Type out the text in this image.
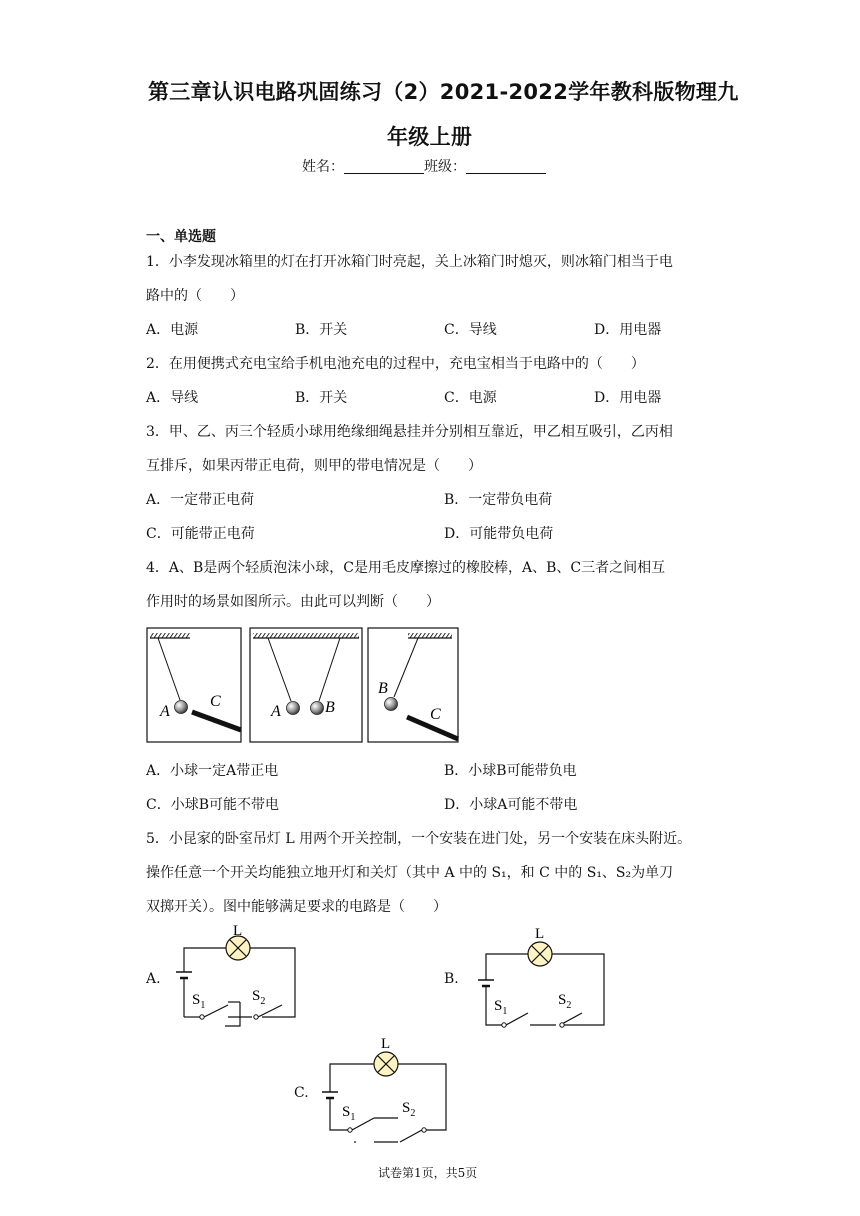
第三章认识电路巩固练习（2）2021-2022学年教科版物理九
年级上册
姓名：	班级：
一、单选题
1．小李发现冰箱里的灯在打开冰箱门时亮起，关上冰箱门时熄灭，则冰箱门相当于电
路中的（　　）
A．电源	B．开关	C．导线	D．用电器
2．在用便携式充电宝给手机电池充电的过程中，充电宝相当于电路中的（　　）
A．导线	B．开关	C．电源	D．用电器
3．甲、乙、丙三个轻质小球用绝缘细绳悬挂并分别相互靠近，甲乙相互吸引，乙丙相
互排斥，如果丙带正电荷，则甲的带电情况是（　　）
A．一定带正电荷	B．一定带负电荷
C．可能带正电荷	D．可能带负电荷
4．A、B是两个轻质泡沫小球，C是用毛皮摩擦过的橡胶棒，A、B、C三者之间相互
作用时的场景如图所示。由此可以判断（　　）
A
C
A	B
B
C
A．小球一定A带正电	B．小球B可能带负电
C．小球B可能不带电	D．小球A可能不带电
5．小昆家的卧室吊灯 L 用两个开关控制，一个安装在进门处，另一个安装在床头附近。
操作任意一个开关均能独立地开灯和关灯（其中 A 中的 S₁，和 C 中的 S₁、S₂为单刀
双掷开关）。图中能够满足要求的电路是（　　）
A.
L
$S_1$
$S_2$
B.
L
$S_1$
$S_2$
C.
L
$S_1$
$S_2$
试卷第1页，共5页
